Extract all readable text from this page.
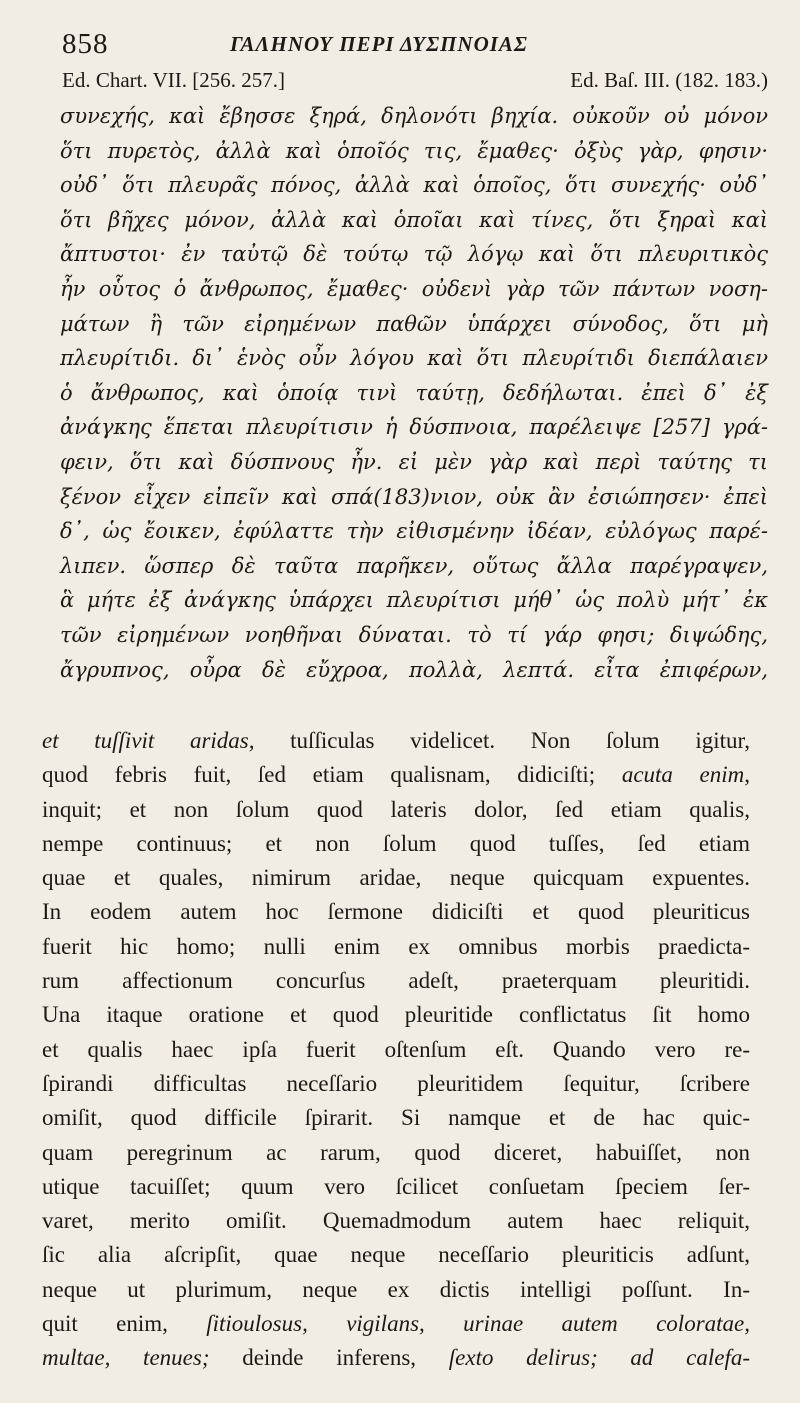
858	ΓΑΛΗΝΟΥ ΠΕΡΙ ΔΥΣΠΝΟΙΑΣ
Ed. Chart. VII. [256. 257.]	Ed. Baſ. III. (182. 183.)
συνεχής, καὶ ἔβησσε ξηρά, δηλονότι βηχία. οὐκοῦν οὐ μόνον
ὅτι πυρετὸς, ἀλλὰ καὶ ὁποῖός τις, ἔμαθες· ὀξὺς γὰρ, φησιν·
οὐδ᾽ ὅτι πλευρᾶς πόνος, ἀλλὰ καὶ ὁποῖος, ὅτι συνεχής· οὐδ᾽
ὅτι βῆχες μόνον, ἀλλὰ καὶ ὁποῖαι καὶ τίνες, ὅτι ξηραὶ καὶ
ἄπτυστοι· ἐν ταὐτῷ δὲ τούτῳ τῷ λόγῳ καὶ ὅτι πλευριτικὸς
ἦν οὗτος ὁ ἄνθρωπος, ἔμαθες· οὐδενὶ γὰρ τῶν πάντων νοση-
μάτων ἢ τῶν εἰρημένων παθῶν ὑπάρχει σύνοδος, ὅτι μὴ
πλευρίτιδι. δι᾽ ἑνὸς οὖν λόγου καὶ ὅτι πλευρίτιδι διεπάλαιεν
ὁ ἄνθρωπος, καὶ ὁποίᾳ τινὶ ταύτῃ, δεδήλωται. ἐπεὶ δ᾽ ἐξ
ἀνάγκης ἕπεται πλευρίτισιν ἡ δύσπνοια, παρέλειψε [257] γρά-
φειν, ὅτι καὶ δύσπνους ἦν. εἰ μὲν γὰρ καὶ περὶ ταύτης τι
ξένον εἶχεν εἰπεῖν καὶ σπά(183)νιον, οὐκ ἂν ἐσιώπησεν· ἐπεὶ
δ᾽, ὡς ἔοικεν, ἐφύλαττε τὴν εἰθισμένην ἰδέαν, εὐλόγως παρέ-
λιπεν. ὥσπερ δὲ ταῦτα παρῆκεν, οὕτως ἄλλα παρέγραψεν,
ἃ μήτε ἐξ ἀνάγκης ὑπάρχει πλευρίτισι μήθ᾽ ὡς πολὺ μήτ᾽ ἐκ
τῶν εἰρημένων νοηθῆναι δύναται. τὸ τί γάρ φησι; διψώδης,
ἄγρυπνος, οὖρα δὲ εὔχροα, πολλὰ, λεπτά. εἶτα ἐπιφέρων,
et tuſſivit aridas, tuſſiculas videlicet. Non ſolum igitur,
quod febris fuit, ſed etiam qualisnam, didiciſti; acuta enim,
inquit; et non ſolum quod lateris dolor, ſed etiam qualis,
nempe continuus; et non ſolum quod tuſſes, ſed etiam
quae et quales, nimirum aridae, neque quicquam expuentes.
In eodem autem hoc ſermone didiciſti et quod pleuriticus
fuerit hic homo; nulli enim ex omnibus morbis praedicta-
rum affectionum concurſus adeſt, praeterquam pleuritidi.
Una itaque oratione et quod pleuritide conflictatus ſit homo
et qualis haec ipſa fuerit oſtenſum eſt. Quando vero re-
ſpirandi difficultas neceſſario pleuritidem ſequitur, ſcribere
omiſit, quod difficile ſpirarit. Si namque et de hac quic-
quam peregrinum ac rarum, quod diceret, habuiſſet, non
utique tacuiſſet; quum vero ſcilicet conſuetam ſpeciem ſer-
varet, merito omiſit. Quemadmodum autem haec reliquit,
ſic alia aſcripſit, quae neque neceſſario pleuriticis adſunt,
neque ut plurimum, neque ex dictis intelligi poſſunt. In-
quit enim, ſitioulosus, vigilans, urinae autem coloratae,
multae, tenues; deinde inferens, ſexto delirus; ad calefa-
